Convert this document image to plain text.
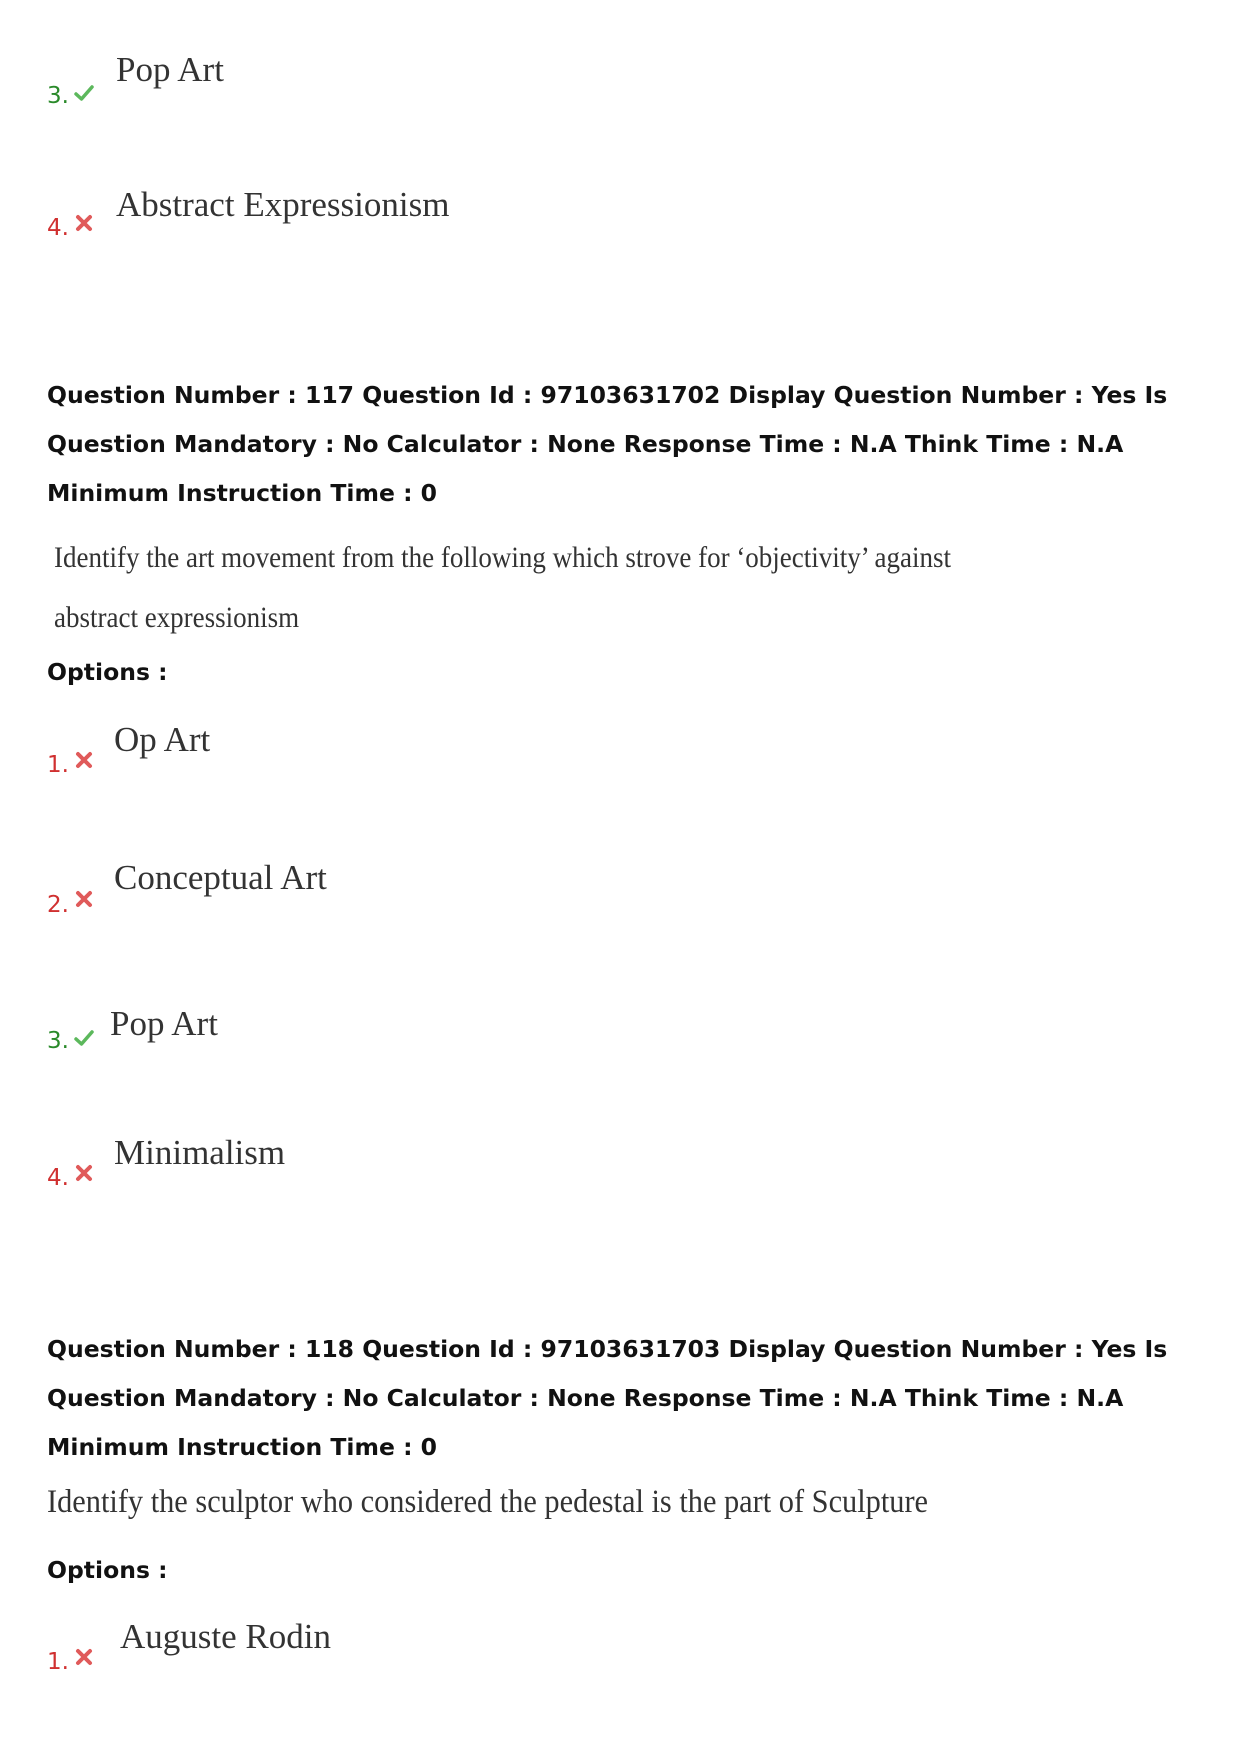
3.
Pop Art
4.
Abstract Expressionism
Question Number : 117 Question Id : 97103631702 Display Question Number : Yes Is Question Mandatory : No Calculator : None Response Time : N.A Think Time : N.A Minimum Instruction Time : 0
Identify the art movement from the following which strove for ‘objectivity’ against abstract expressionism
Options :
1.
Op Art
2.
Conceptual Art
3. Pop Art
4.
Minimalism
Question Number : 118 Question Id : 97103631703 Display Question Number : Yes Is Question Mandatory : No Calculator : None Response Time : N.A Think Time : N.A Minimum Instruction Time : 0
Identify the sculptor who considered the pedestal is the part of Sculpture
Options :
1.
Auguste Rodin
